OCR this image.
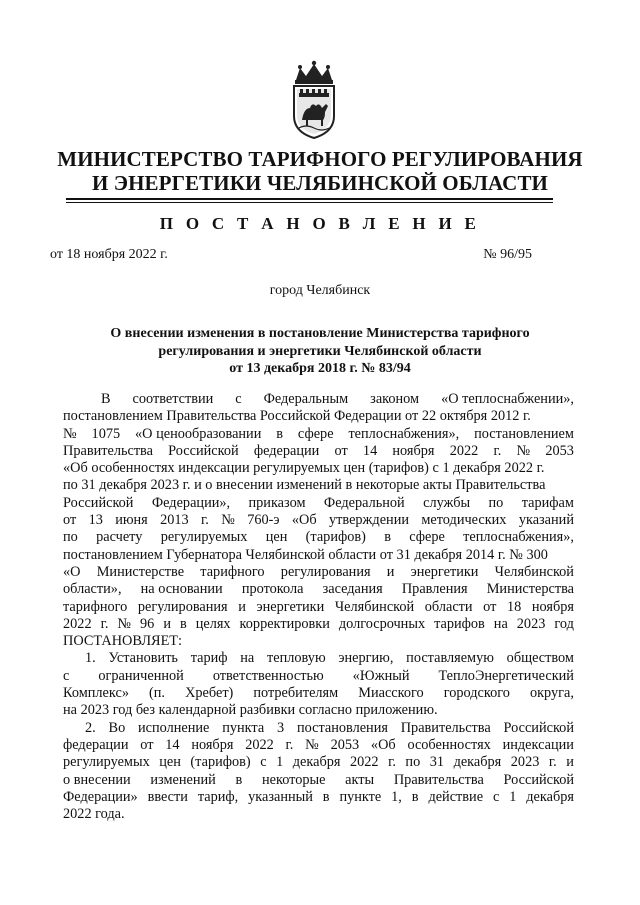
МИНИСТЕРСТВО ТАРИФНОГО РЕГУЛИРОВАНИЯ
И ЭНЕРГЕТИКИ ЧЕЛЯБИНСКОЙ ОБЛАСТИ
П О С Т А Н О В Л Е Н И Е
от 18 ноября 2022 г.	№ 96/95
город Челябинск
О внесении изменения в постановление Министерства тарифного
регулирования и энергетики Челябинской области
от 13 декабря 2018 г. № 83/94
В соответствии с Федеральным законом «О теплоснабжении»,
постановлением Правительства Российской Федерации от 22 октября 2012 г.
№ 1075 «О ценообразовании в сфере теплоснабжения», постановлением
Правительства Российской федерации от 14 ноября 2022 г. № 2053
«Об особенностях индексации регулируемых цен (тарифов) с 1 декабря 2022 г.
по 31 декабря 2023 г. и о внесении изменений в некоторые акты Правительства
Российской Федерации», приказом Федеральной службы по тарифам
от 13 июня 2013 г. № 760-э «Об утверждении методических указаний
по расчету регулируемых цен (тарифов) в сфере теплоснабжения»,
постановлением Губернатора Челябинской области от 31 декабря 2014 г. № 300
«О Министерстве тарифного регулирования и энергетики Челябинской
области», на основании протокола заседания Правления Министерства
тарифного регулирования и энергетики Челябинской области от 18 ноября
2022 г. № 96 и в целях корректировки долгосрочных тарифов на 2023 год
ПОСТАНОВЛЯЕТ:
1. Установить тариф на тепловую энергию, поставляемую обществом
с ограниченной ответственностью «Южный ТеплоЭнергетический
Комплекс» (п. Хребет) потребителям Миасского городского округа,
на 2023 год без календарной разбивки согласно приложению.
2. Во исполнение пункта 3 постановления Правительства Российской
федерации от 14 ноября 2022 г. № 2053 «Об особенностях индексации
регулируемых цен (тарифов) с 1 декабря 2022 г. по 31 декабря 2023 г. и
о внесении изменений в некоторые акты Правительства Российской
Федерации» ввести тариф, указанный в пункте 1, в действие с 1 декабря
2022 года.
